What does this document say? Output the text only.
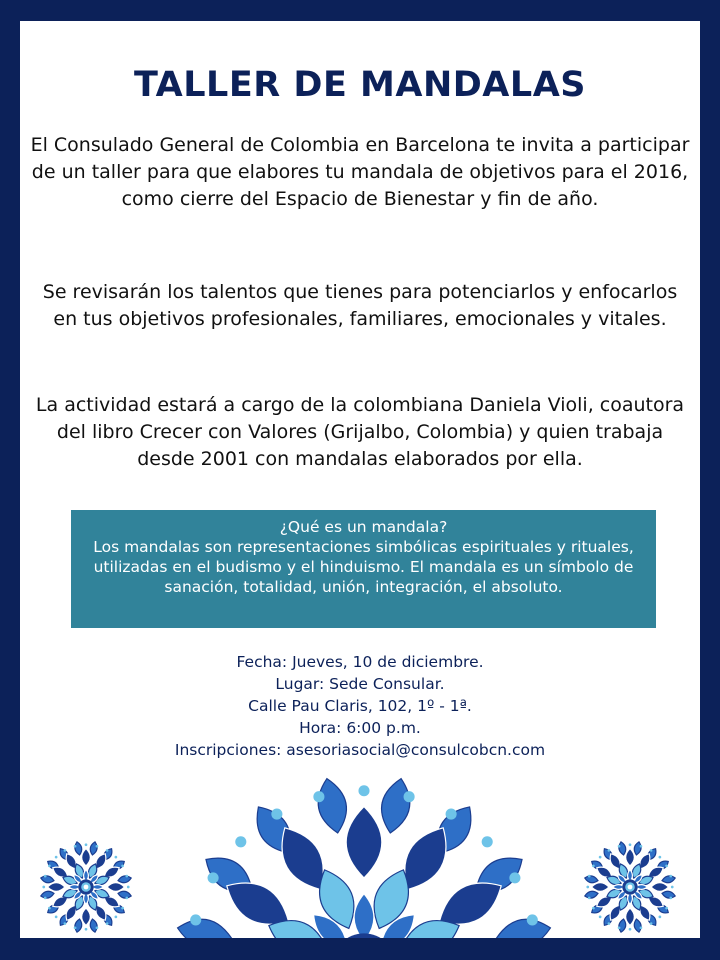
TALLER DE MANDALAS
El Consulado General de Colombia en Barcelona te invita a participar de un taller para que elabores tu mandala de objetivos para el 2016, como cierre del Espacio de Bienestar y fin de año.
Se revisarán los talentos que tienes para potenciarlos y enfocarlos en tus objetivos profesionales, familiares, emocionales y vitales.
La actividad estará a cargo de la colombiana Daniela Violi, coautora del libro Crecer con Valores (Grijalbo, Colombia) y quien trabaja desde 2001 con mandalas elaborados por ella.
¿Qué es un mandala?
Los mandalas son representaciones simbólicas espirituales y rituales, utilizadas en el budismo y el hinduismo. El mandala es un símbolo de sanación, totalidad, unión, integración, el absoluto.
Fecha: Jueves, 10 de diciembre.
Lugar: Sede Consular.
Calle Pau Claris, 102, 1º - 1ª.
Hora: 6:00 p.m.
Inscripciones: asesoriasocial@consulcobcn.com
